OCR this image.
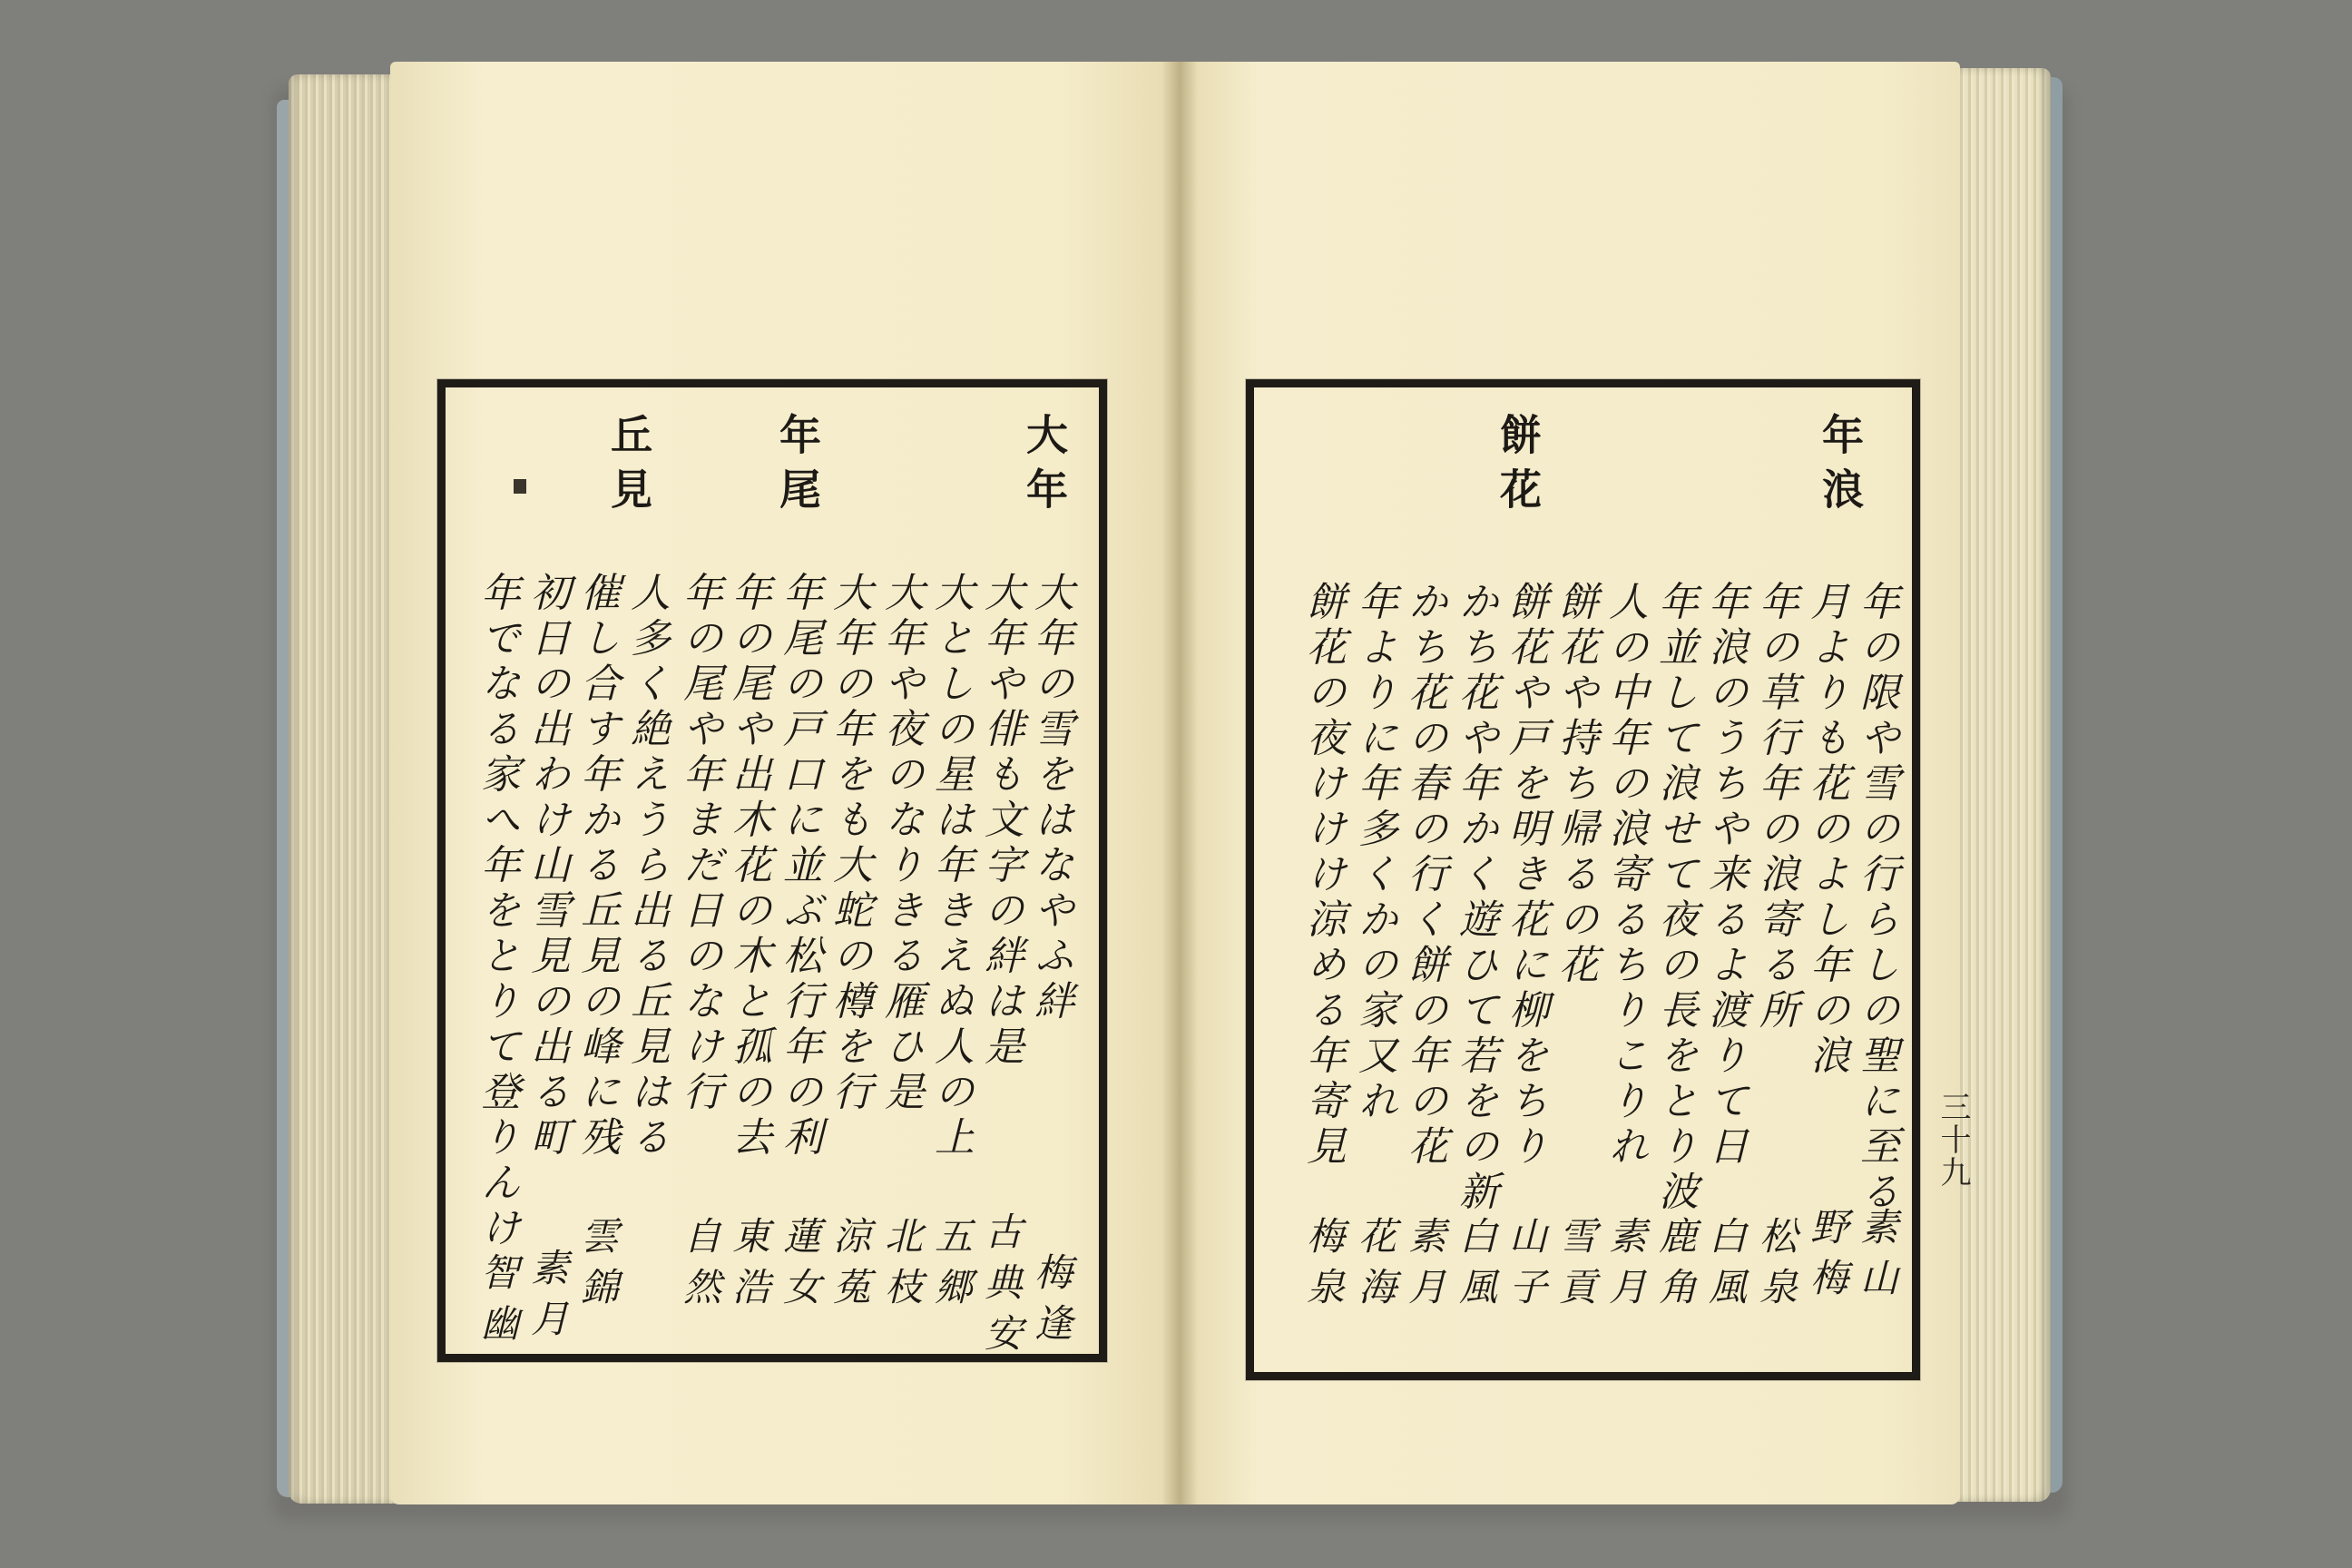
大年
年尾
丘見
大年の雪をはなやふ絆
梅逢
大年や俳も文字の絆は是
古典安
大としの星は年きえぬ人の上
五郷
大年や夜のなりきる雁ひ是
北枝
大年の年をも大蛇の樽を行
涼菟
年尾の戸口に並ぶ松行年の利
蓮女
年の尾や出木花の木と孤の去
東浩
年の尾や年まだ日のなけ行
自然
人多く絶えうら出る丘見はる
催し合す年かる丘見の峰に残
雲錦
初日の出わけ山雪見の出る町
素月
年でなる家へ年をとりて登りんけ
智幽
年浪
餅花
年の限や雪の行らしの聖に至る
素山
月よりも花のよし年の浪
野梅
年の草行年の浪寄る所
松泉
年浪のうちや来るよ渡りて日
白風
年並して浪せて夜の長をとり波
鹿角
人の中年の浪寄るちりこりれ
素月
餅花や持ち帰るの花
雪貢
餅花や戸を明き花に柳をちり
山子
かち花や年かく遊ひて若をの新
白風
かち花の春の行く餅の年の花
素月
年よりに年多くかの家又れ
花海
餅花の夜けけけ涼める年寄見
梅泉
三十九
